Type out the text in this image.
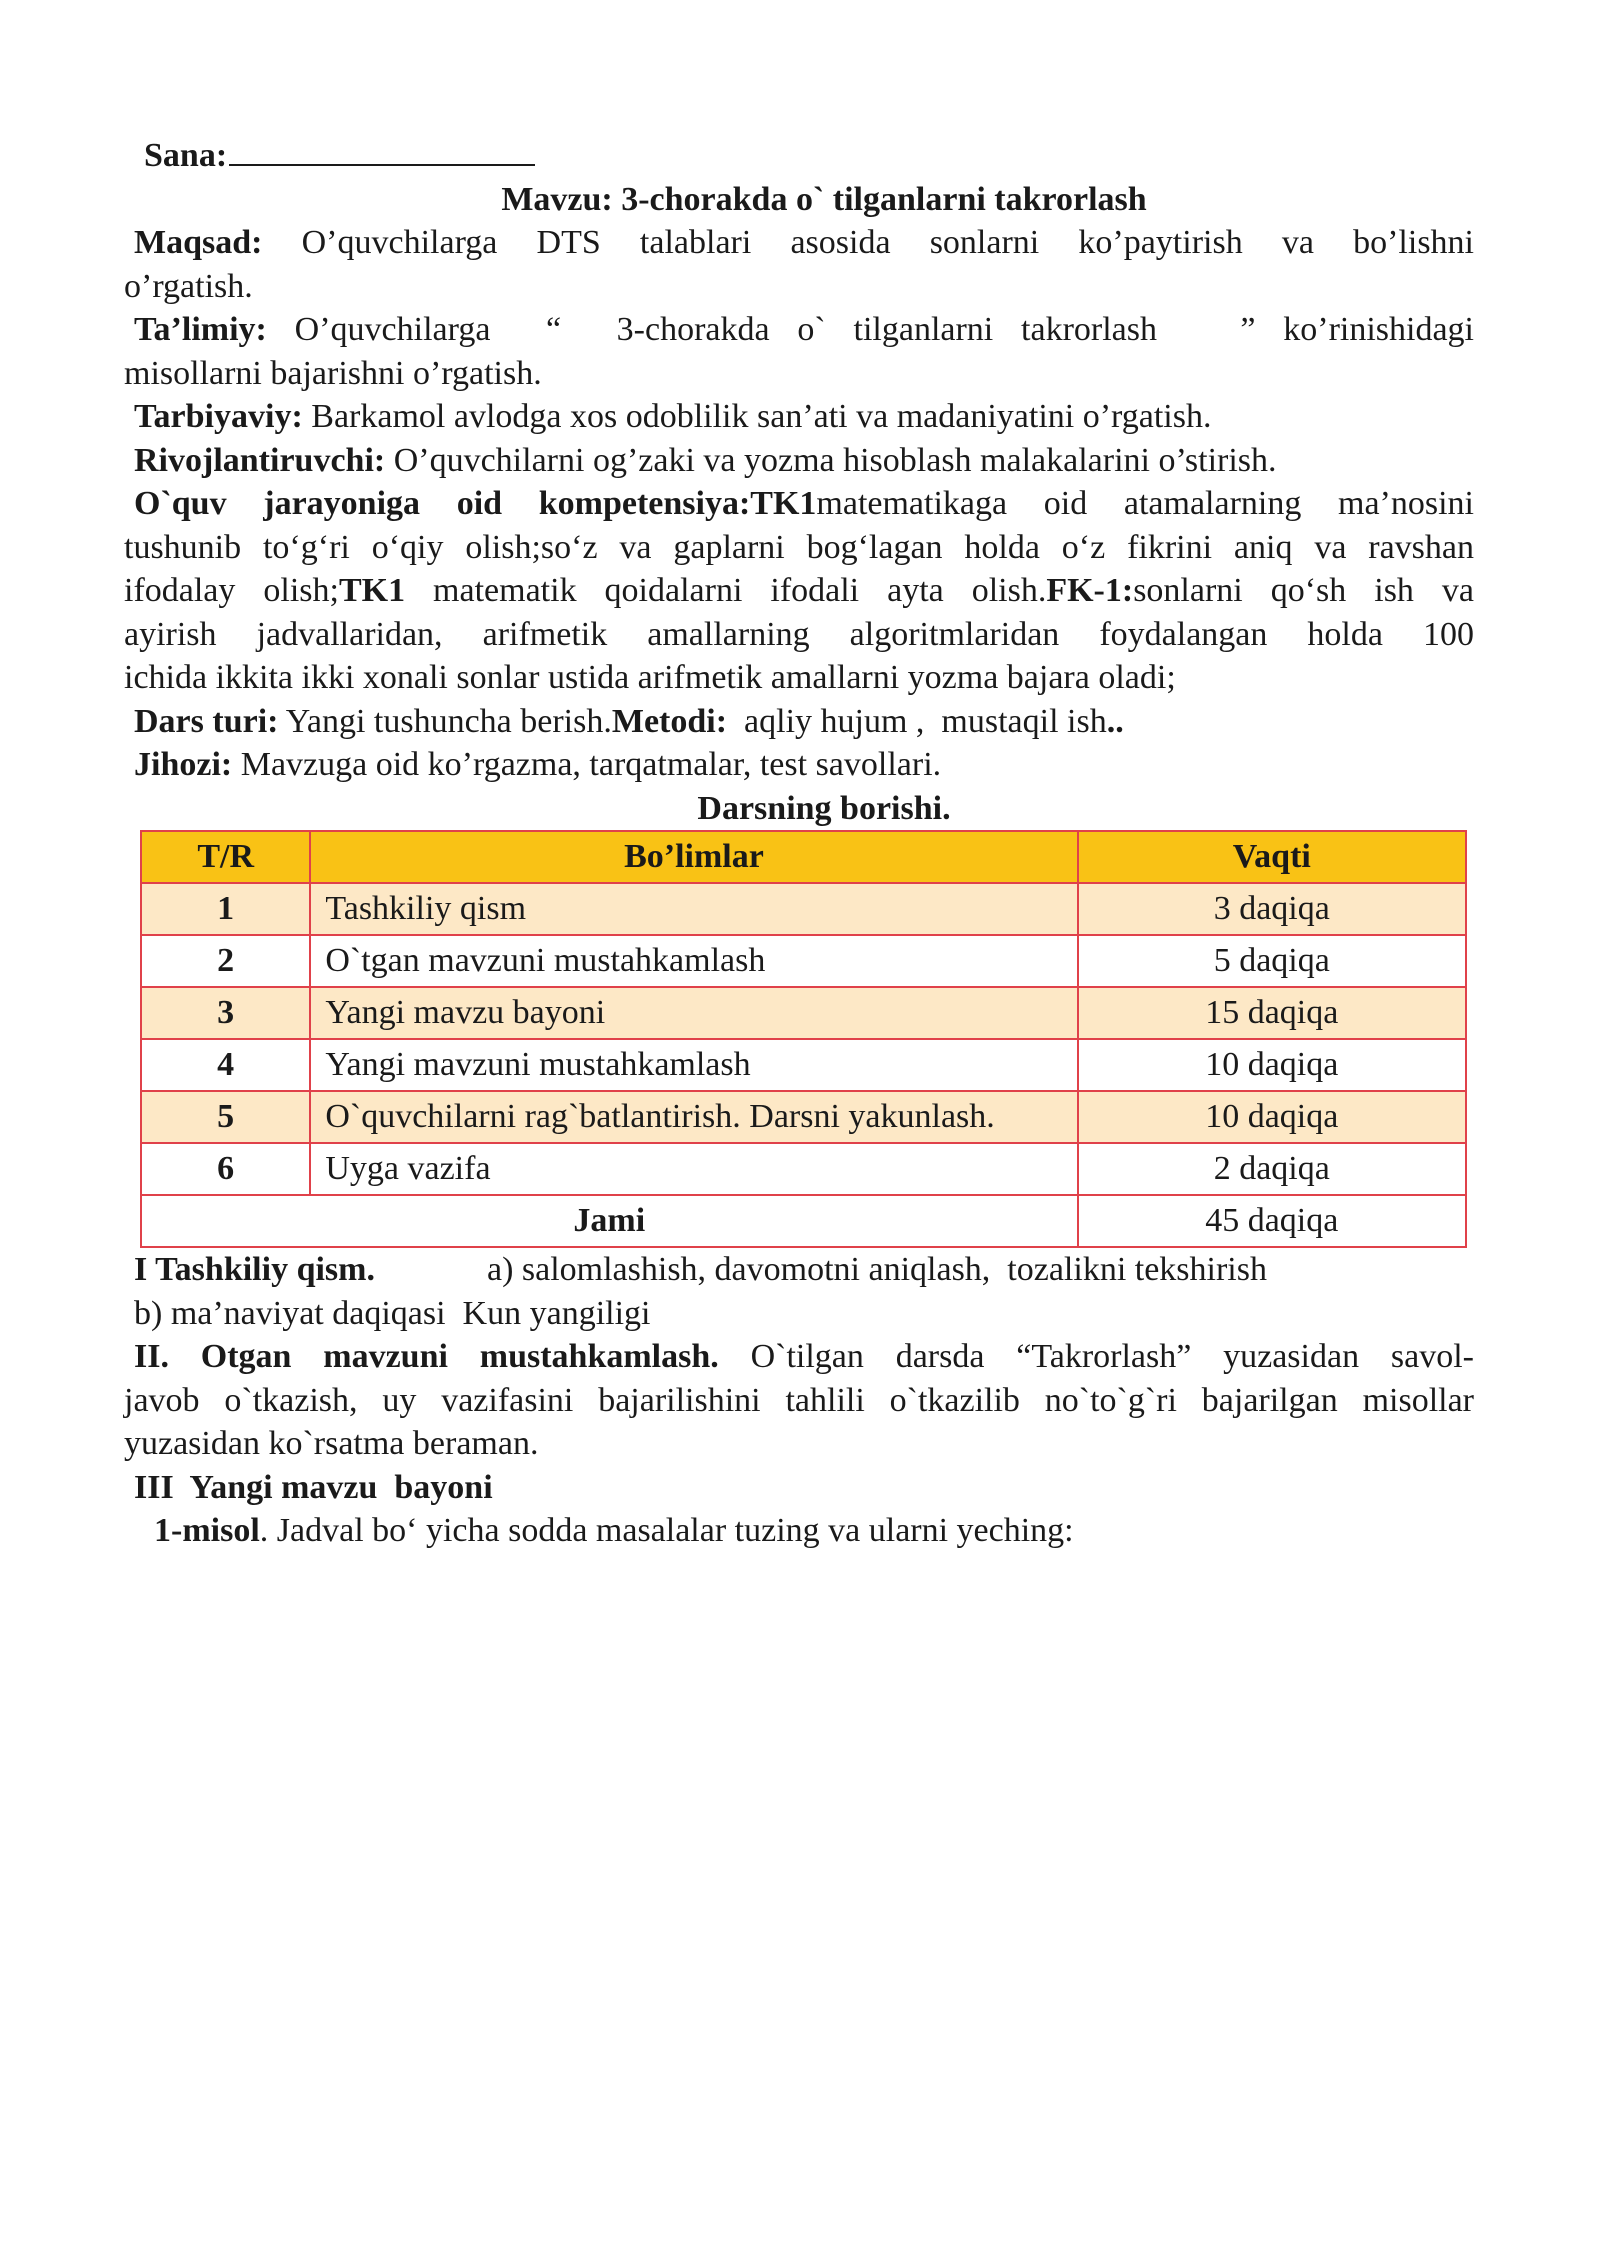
Sana:
Mavzu: 3-chorakda o` tilganlarni takrorlash
Maqsad: O’quvchilarga DTS talablari asosida sonlarni ko’paytirish va bo’lishni
o’rgatish.
Ta’limiy: O’quvchilarga  “  3-chorakda o` tilganlarni takrorlash   ” ko’rinishidagi
misollarni bajarishni o’rgatish.
Tarbiyaviy: Barkamol avlodga xos odoblilik san’ati va madaniyatini o’rgatish.
Rivojlantiruvchi: O’quvchilarni og’zaki va yozma hisoblash malakalarini o’stirish.
O`quv jarayoniga oid kompetensiya:TK1matematikaga oid atamalarning ma’nosini
tushunib to‘g‘ri o‘qiy olish;so‘z va gaplarni bog‘lagan holda o‘z fikrini aniq va ravshan
ifodalay olish;TK1 matematik qoidalarni ifodali ayta olish.FK-1:sonlarni qo‘sh ish va
ayirish jadvallaridan, arifmetik amallarning algoritmlaridan foydalangan holda 100
ichida ikkita ikki xonali sonlar ustida arifmetik amallarni yozma bajara oladi;
Dars turi: Yangi tushuncha berish.Metodi:  aqliy hujum ,  mustaqil ish..
Jihozi: Mavzuga oid ko’rgazma, tarqatmalar, test savollari.
Darsning borishi.
T/R	Bo’limlar	Vaqti
1	Tashkiliy qism	3 daqiqa
2	O`tgan mavzuni mustahkamlash	5 daqiqa
3	Yangi mavzu bayoni	15 daqiqa
4	Yangi mavzuni mustahkamlash	10 daqiqa
5	O`quvchilarni rag`batlantirish. Darsni yakunlash.	10 daqiqa
6	Uyga vazifa	2 daqiqa
Jami		45 daqiqa
I Tashkiliy qism.	a) salomlashish, davomotni aniqlash,  tozalikni tekshirish
b) ma’naviyat daqiqasi  Kun yangiligi
II. Otgan mavzuni mustahkamlash. O`tilgan darsda “Takrorlash” yuzasidan savol-
javob o`tkazish, uy vazifasini bajarilishini tahlili o`tkazilib no`to`g`ri bajarilgan misollar
yuzasidan ko`rsatma beraman.
III  Yangi mavzu  bayoni
1-misol. Jadval bo‘ yicha sodda masalalar tuzing va ularni yeching:
